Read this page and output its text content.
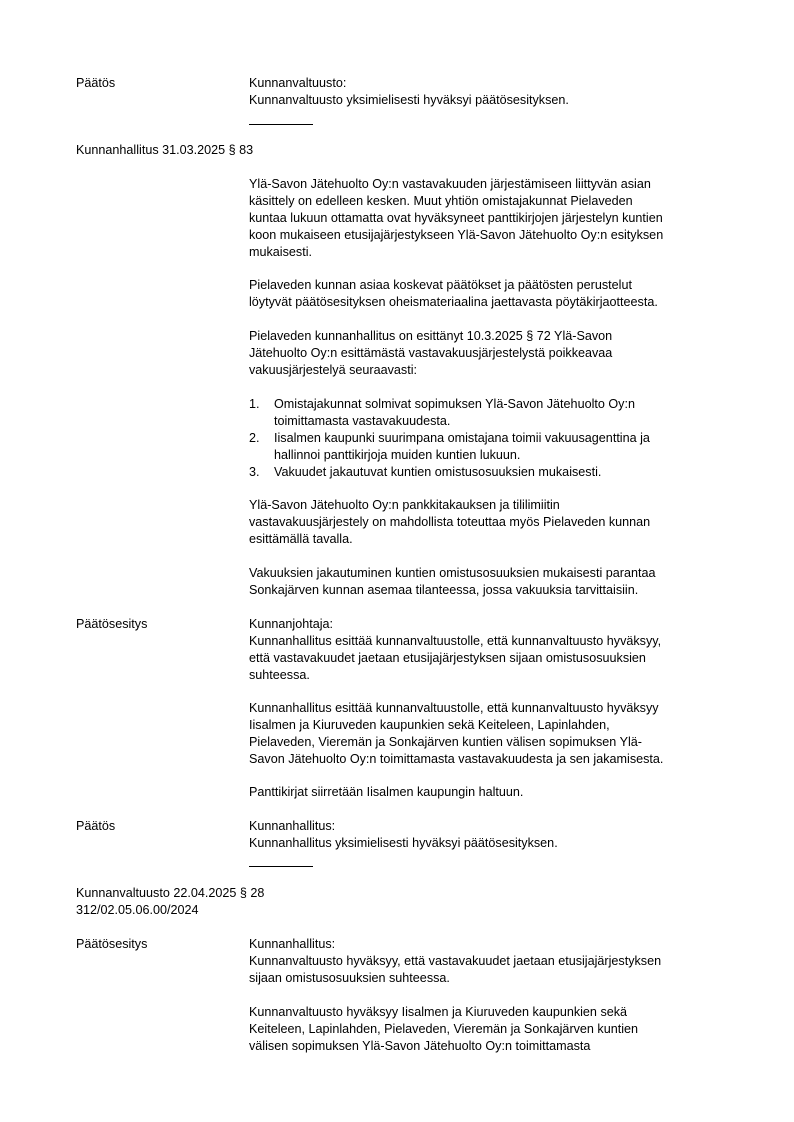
Päätös	Kunnanvaltuusto:

Kunnanvaltuusto yksimielisesti hyväksyi päätösesityksen.

Kunnanhallitus 31.03.2025 § 83

Ylä-Savon Jätehuolto Oy:n vastavakuuden järjestämiseen liittyvän asian

käsittely on edelleen kesken. Muut yhtiön omistajakunnat Pielaveden

kuntaa lukuun ottamatta ovat hyväksyneet panttikirjojen järjestelyn kuntien

koon mukaiseen etusijajärjestykseen Ylä-Savon Jätehuolto Oy:n esityksen

mukaisesti.

Pielaveden kunnan asiaa koskevat päätökset ja päätösten perustelut

löytyvät päätösesityksen oheismateriaalina jaettavasta pöytäkirjaotteesta.

Pielaveden kunnanhallitus on esittänyt 10.3.2025 § 72 Ylä-Savon

Jätehuolto Oy:n esittämästä vastavakuusjärjestelystä poikkeavaa

vakuusjärjestelyä seuraavasti:

1. Omistajakunnat solmivat sopimuksen Ylä-Savon Jätehuolto Oy:n

toimittamasta vastavakuudesta.

2. Iisalmen kaupunki suurimpana omistajana toimii vakuusagenttina ja

hallinnoi panttikirjoja muiden kuntien lukuun.

3. Vakuudet jakautuvat kuntien omistusosuuksien mukaisesti.

Ylä-Savon Jätehuolto Oy:n pankkitakauksen ja tililimiitin

vastavakuusjärjestely on mahdollista toteuttaa myös Pielaveden kunnan

esittämällä tavalla.

Vakuuksien jakautuminen kuntien omistusosuuksien mukaisesti parantaa

Sonkajärven kunnan asemaa tilanteessa, jossa vakuuksia tarvittaisiin.

Päätösesitys	Kunnanjohtaja:

Kunnanhallitus esittää kunnanvaltuustolle, että kunnanvaltuusto hyväksyy,

että vastavakuudet jaetaan etusijajärjestyksen sijaan omistusosuuksien

suhteessa.

Kunnanhallitus esittää kunnanvaltuustolle, että kunnanvaltuusto hyväksyy

Iisalmen ja Kiuruveden kaupunkien sekä Keiteleen, Lapinlahden,

Pielaveden, Vieremän ja Sonkajärven kuntien välisen sopimuksen Ylä-

Savon Jätehuolto Oy:n toimittamasta vastavakuudesta ja sen jakamisesta.

Panttikirjat siirretään Iisalmen kaupungin haltuun.

Päätös	Kunnanhallitus:

Kunnanhallitus yksimielisesti hyväksyi päätösesityksen.

Kunnanvaltuusto 22.04.2025 § 28
312/02.05.06.00/2024
Päätösesitys	Kunnanhallitus:

Kunnanvaltuusto hyväksyy, että vastavakuudet jaetaan etusijajärjestyksen

sijaan omistusosuuksien suhteessa.

Kunnanvaltuusto hyväksyy Iisalmen ja Kiuruveden kaupunkien sekä

Keiteleen, Lapinlahden, Pielaveden, Vieremän ja Sonkajärven kuntien

välisen sopimuksen Ylä-Savon Jätehuolto Oy:n toimittamasta
